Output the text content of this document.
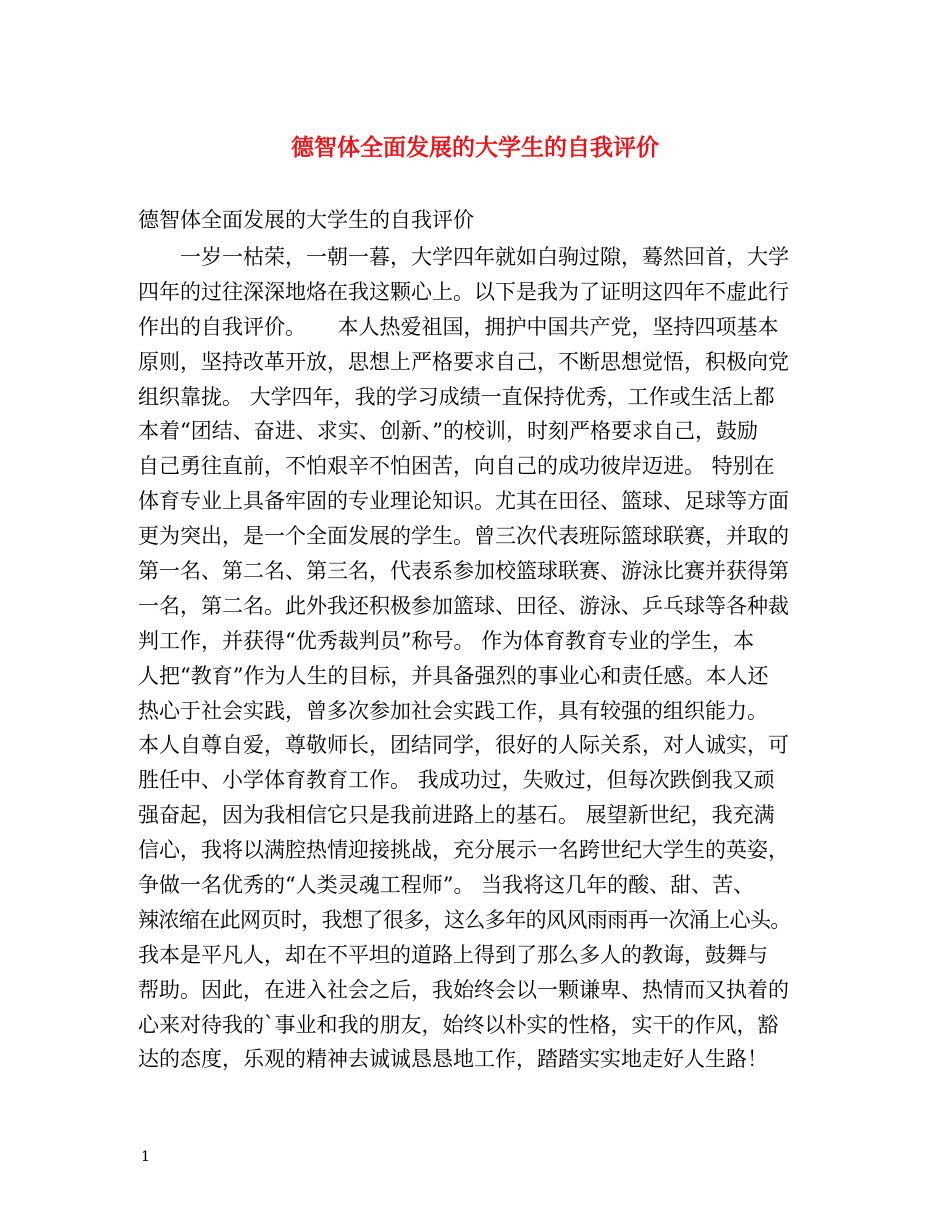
德智体全面发展的大学生的自我评价
德智体全面发展的大学生的自我评价
　　一岁一枯荣，一朝一暮，大学四年就如白驹过隙，蓦然回首，大学
四年的过往深深地烙在我这颗心上。以下是我为了证明这四年不虚此行
作出的自我评价。　　本人热爱祖国，拥护中国共产党，坚持四项基本
原则，坚持改革开放，思想上严格要求自己，不断思想觉悟，积极向党
组织靠拢。 大学四年，我的学习成绩一直保持优秀，工作或生活上都
本着“团结、奋进、求实、创新、”的校训，时刻严格要求自己，鼓励
自己勇往直前，不怕艰辛不怕困苦，向自己的成功彼岸迈进。 特别在
体育专业上具备牢固的专业理论知识。尤其在田径、篮球、足球等方面
更为突出，是一个全面发展的学生。曾三次代表班际篮球联赛，并取的
第一名、第二名、第三名，代表系参加校篮球联赛、游泳比赛并获得第
一名，第二名。此外我还积极参加篮球、田径、游泳、乒乓球等各种裁
判工作，并获得“优秀裁判员”称号。 作为体育教育专业的学生，本
人把“教育”作为人生的目标，并具备强烈的事业心和责任感。本人还
热心于社会实践，曾多次参加社会实践工作，具有较强的组织能力。
本人自尊自爱，尊敬师长，团结同学，很好的人际关系，对人诚实，可
胜任中、小学体育教育工作。 我成功过，失败过，但每次跌倒我又顽
强奋起，因为我相信它只是我前进路上的基石。 展望新世纪，我充满
信心，我将以满腔热情迎接挑战，充分展示一名跨世纪大学生的英姿，
争做一名优秀的“人类灵魂工程师”。 当我将这几年的酸、甜、苦、
辣浓缩在此网页时，我想了很多，这么多年的风风雨雨再一次涌上心头。
我本是平凡人，却在不平坦的道路上得到了那么多人的教诲，鼓舞与
帮助。因此，在进入社会之后，我始终会以一颗谦卑、热情而又执着的
心来对待我的`事业和我的朋友，始终以朴实的性格，实干的作风，豁
达的态度，乐观的精神去诚诚恳恳地工作，踏踏实实地走好人生路！
1
